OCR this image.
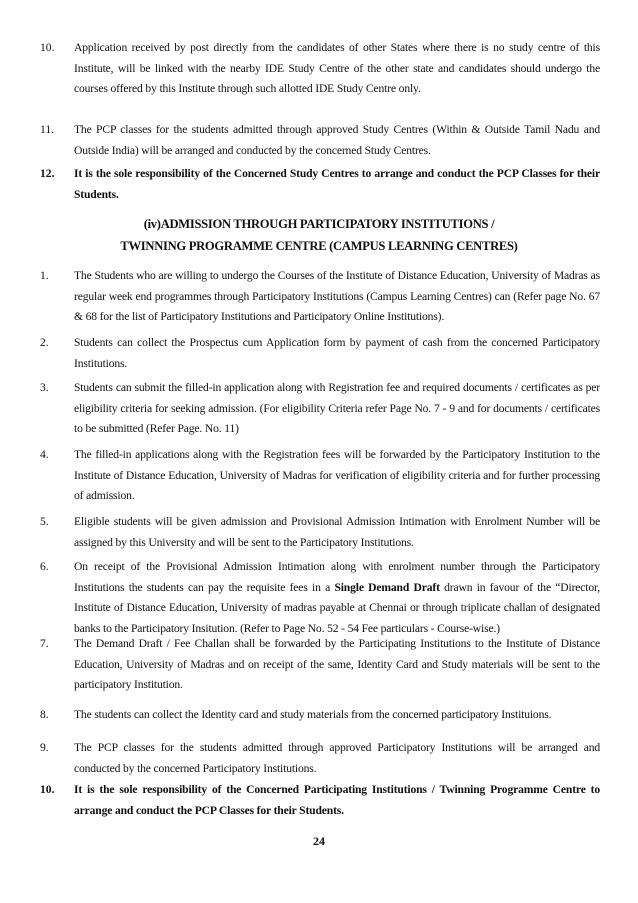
10.	Application received by post directly from the candidates of other States where there is no study centre of this Institute, will be linked with the nearby IDE Study Centre of the other state and candidates should undergo the courses offered by this Institute through such allotted IDE Study Centre only.
11.	The PCP classes for the students admitted through approved Study Centres (Within & Outside Tamil Nadu and Outside India) will be arranged and conducted by the concerned Study Centres.
12.	It is the sole responsibility of the Concerned Study Centres to arrange and conduct the PCP Classes for their Students.
(iv)ADMISSION THROUGH PARTICIPATORY INSTITUTIONS /
TWINNING PROGRAMME CENTRE (CAMPUS LEARNING CENTRES)
1.	The Students who are willing to undergo the Courses of the Institute of Distance Education, University of Madras as regular week end programmes through Participatory Institutions (Campus Learning Centres) can (Refer page No. 67 & 68 for the list of Participatory Institutions and Participatory Online Institutions).
2.	Students can collect the Prospectus cum Application form by payment of cash from the concerned Participatory Institutions.
3.	Students can submit the filled-in application along with Registration fee and required documents / certificates as per eligibility criteria for seeking admission. (For eligibility Criteria refer Page No. 7 - 9 and for documents / certificates to be submitted (Refer Page. No. 11)
4.	The filled-in applications along with the Registration fees will be forwarded by the Participatory Institution to the Institute of Distance Education, University of Madras for verification of eligibility criteria and for further processing of admission.
5.	Eligible students will be given admission and Provisional Admission Intimation with Enrolment Number will be assigned by this University and will be sent to the Participatory Institutions.
6.	On receipt of the Provisional Admission Intimation along with enrolment number through the Participatory Institutions the students can pay the requisite fees in a Single Demand Draft drawn in favour of the “Director, Institute of Distance Education, University of madras payable at Chennai or through triplicate challan of designated banks to the Participatory Insitution. (Refer to Page No. 52 - 54 Fee particulars - Course-wise.)
7.	The Demand Draft / Fee Challan shall be forwarded by the Participating Institutions to the Institute of Distance Education, University of Madras and on receipt of the same, Identity Card and Study materials will be sent to the participatory Institution.
8.	The students can collect the Identity card and study materials from the concerned participatory Instituions.
9.	The PCP classes for the students admitted through approved Participatory Institutions will be arranged and conducted by the concerned Participatory Institutions.
10.	It is the sole responsibility of the Concerned Participating Institutions / Twinning Programme Centre to arrange and conduct the PCP Classes for their Students.
24
